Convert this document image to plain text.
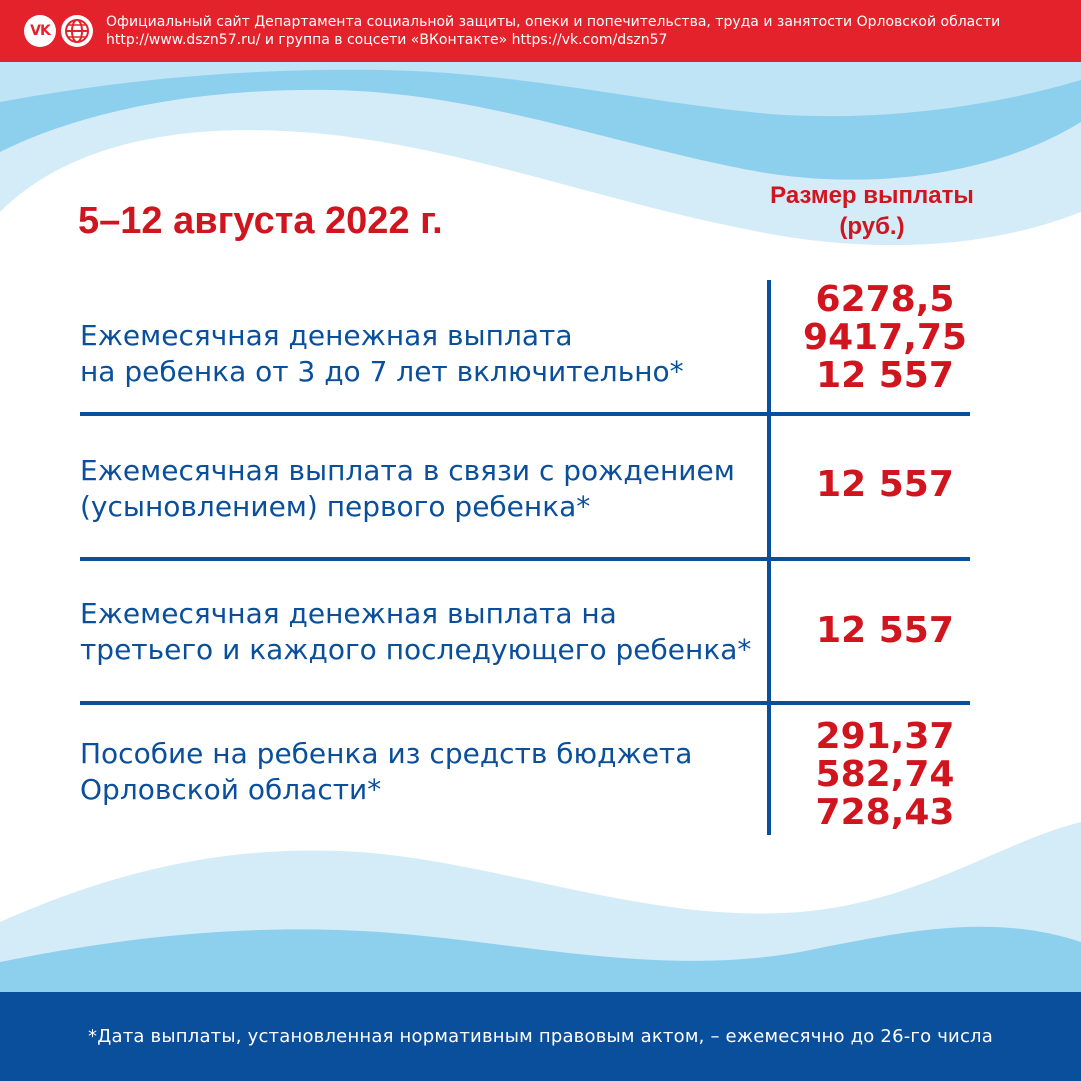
VK
Официальный сайт Департамента социальной защиты, опеки и попечительства, труда и занятости Орловской области
http://www.dszn57.ru/ и группа в соцсети «ВКонтакте» https://vk.com/dszn57
5–12 августа 2022 г.
Размер выплаты
(руб.)
Ежемесячная денежная выплата
на ребенка от 3 до 7 лет включительно*
6278,5
9417,75
12 557
Ежемесячная выплата в связи с рождением
(усыновлением) первого ребенка*
12 557
Ежемесячная денежная выплата на
третьего и каждого последующего ребенка*	12 557
Пособие на ребенка из средств бюджета
Орловской области*
291,37
582,74
728,43
*Дата выплаты, установленная нормативным правовым актом, – ежемесячно до 26-го числа
